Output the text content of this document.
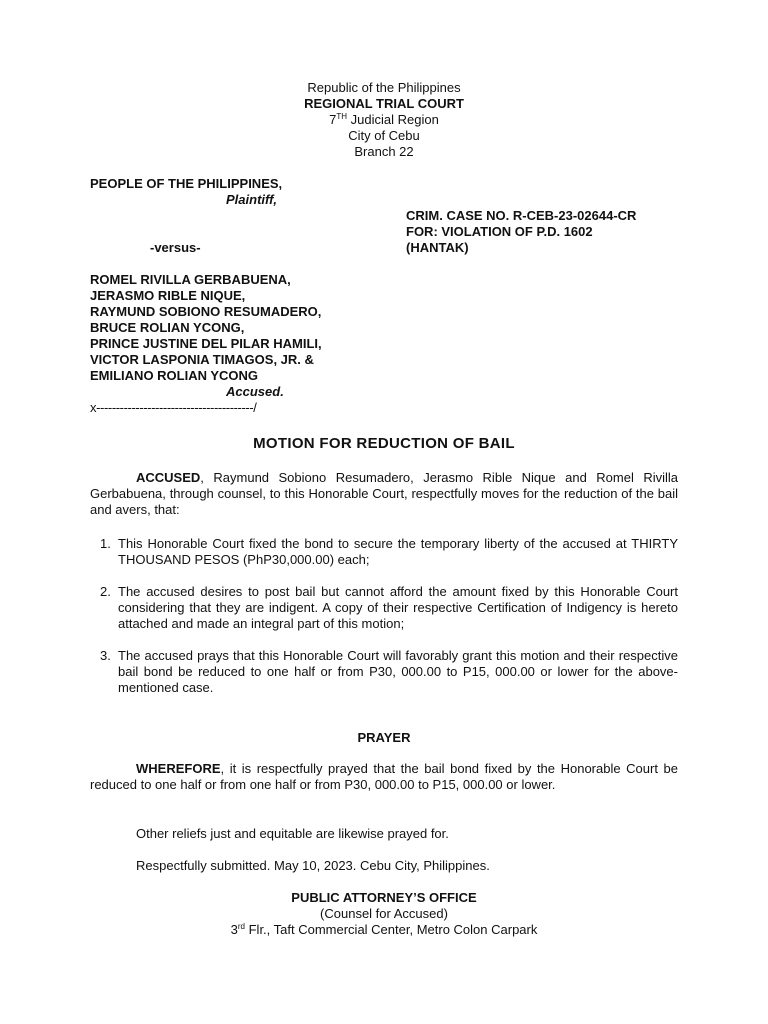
Republic of the Philippines
REGIONAL TRIAL COURT
7TH Judicial Region
City of Cebu
Branch 22
PEOPLE OF THE PHILIPPINES,
Plaintiff,
CRIM. CASE NO. R-CEB-23-02644-CR
FOR: VIOLATION OF P.D. 1602
(HANTAK)
-versus-
ROMEL RIVILLA GERBABUENA,
JERASMO RIBLE NIQUE,
RAYMUND SOBIONO RESUMADERO,
BRUCE ROLIAN YCONG,
PRINCE JUSTINE DEL PILAR HAMILI,
VICTOR LASPONIA TIMAGOS, JR. &
EMILIANO ROLIAN YCONG
Accused.
x----------------------------------------/
MOTION FOR REDUCTION OF BAIL
ACCUSED, Raymund Sobiono Resumadero, Jerasmo Rible Nique and Romel Rivilla Gerbabuena, through counsel, to this Honorable Court, respectfully moves for the reduction of the bail and avers, that:
1. This Honorable Court fixed the bond to secure the temporary liberty of the accused at THIRTY THOUSAND PESOS (PhP30,000.00) each;
2. The accused desires to post bail but cannot afford the amount fixed by this Honorable Court considering that they are indigent. A copy of their respective Certification of Indigency is hereto attached and made an integral part of this motion;
3. The accused prays that this Honorable Court will favorably grant this motion and their respective bail bond be reduced to one half or from P30, 000.00 to P15, 000.00 or lower for the above-mentioned case.
PRAYER
WHEREFORE, it is respectfully prayed that the bail bond fixed by the Honorable Court be reduced to one half or from one half or from P30, 000.00 to P15, 000.00 or lower.
Other reliefs just and equitable are likewise prayed for.
Respectfully submitted. May 10, 2023. Cebu City, Philippines.
PUBLIC ATTORNEY’S OFFICE
(Counsel for Accused)
3rd Flr., Taft Commercial Center, Metro Colon Carpark
